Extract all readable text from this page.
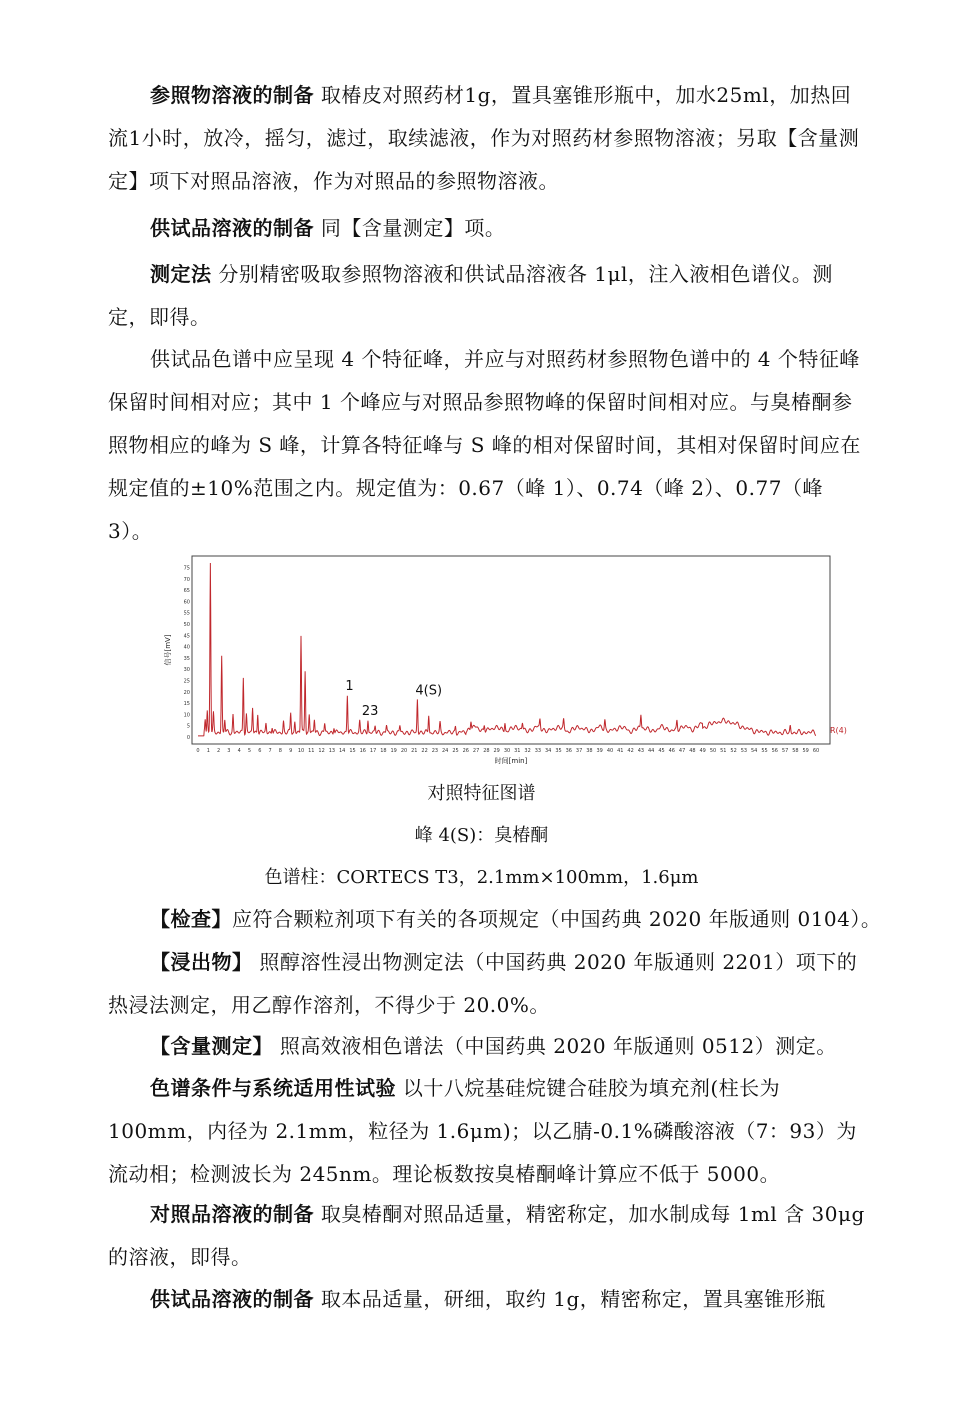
参照物溶液的制备 取椿皮对照药材1g，置具塞锥形瓶中，加水25ml，加热回流1小时，放冷，摇匀，滤过，取续滤液，作为对照药材参照物溶液；另取【含量测定】项下对照品溶液，作为对照品的参照物溶液。

供试品溶液的制备 同【含量测定】项。

测定法 分别精密吸取参照物溶液和供试品溶液各 1μl，注入液相色谱仪。测定，即得。

供试品色谱中应呈现 4 个特征峰，并应与对照药材参照物色谱中的 4 个特征峰保留时间相对应；其中 1 个峰应与对照品参照物峰的保留时间相对应。与臭椿酮参照物相应的峰为 S 峰，计算各特征峰与 S 峰的相对保留时间，其相对保留时间应在规定值的±10%范围之内。规定值为：0.67（峰 1）、0.74（峰 2）、0.77（峰 3）。

0
5
10
15
20
25
30
35
40
45
50
55
60
65
70
75
0 1 2 3 4 5 6 7 8 9 10 11 12 13 14 15 16 17 18 19 20 21 22 23 24 25 26 27 28 29 30 31 32 33 34 35 36 37 38 39 40 41 42 43 44 45 46 47 48 49 50 51 52 53 54 55 56 57 58 59 60
1
23
4(S)
R(4)
时间[min]
信号[mV]
对照特征图谱
峰 4(S)：臭椿酮
色谱柱：CORTECS T3，2.1mm×100mm，1.6μm

【检查】应符合颗粒剂项下有关的各项规定（中国药典 2020 年版通则 0104）。

【浸出物】 照醇溶性浸出物测定法（中国药典 2020 年版通则 2201）项下的热浸法测定，用乙醇作溶剂，不得少于 20.0%。

【含量测定】 照高效液相色谱法（中国药典 2020 年版通则 0512）测定。

色谱条件与系统适用性试验 以十八烷基硅烷键合硅胶为填充剂(柱长为100mm，内径为 2.1mm，粒径为 1.6μm)；以乙腈-0.1%磷酸溶液（7：93）为流动相；检测波长为 245nm。理论板数按臭椿酮峰计算应不低于 5000。

对照品溶液的制备 取臭椿酮对照品适量，精密称定，加水制成每 1ml 含 30μg 的溶液，即得。

供试品溶液的制备 取本品适量，研细，取约 1g，精密称定，置具塞锥形瓶
